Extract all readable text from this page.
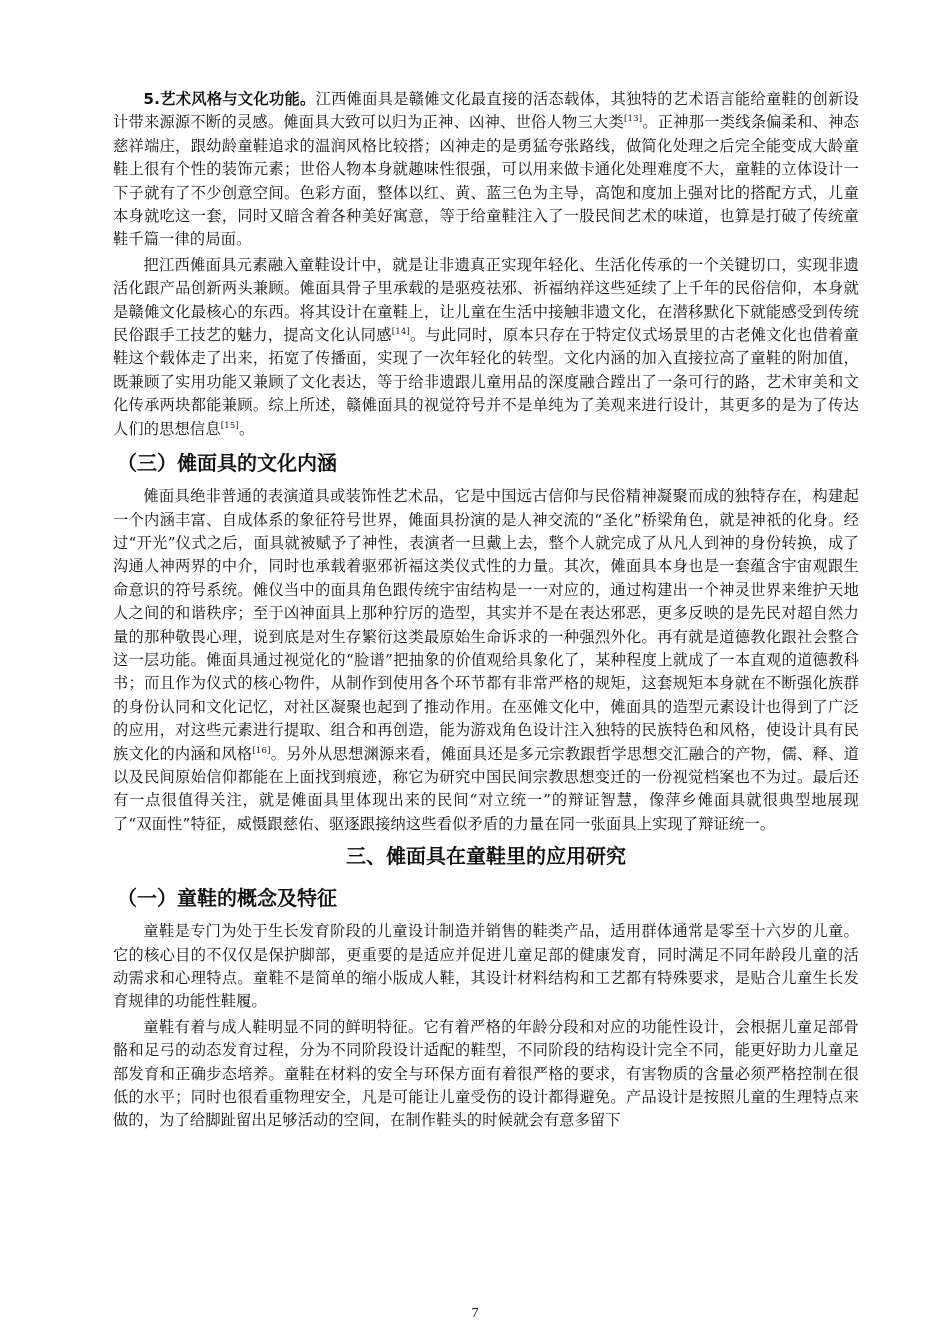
5.艺术风格与文化功能。江西傩面具是赣傩文化最直接的活态载体，其独特的艺术语言能给童鞋的创新设计带来源源不断的灵感。傩面具大致可以归为正神、凶神、世俗人物三大类[13]。正神那一类线条偏柔和、神态慈祥端庄，跟幼龄童鞋追求的温润风格比较搭；凶神走的是勇猛夸张路线，做简化处理之后完全能变成大龄童鞋上很有个性的装饰元素；世俗人物本身就趣味性很强，可以用来做卡通化处理难度不大，童鞋的立体设计一下子就有了不少创意空间。色彩方面，整体以红、黄、蓝三色为主导，高饱和度加上强对比的搭配方式，儿童本身就吃这一套，同时又暗含着各种美好寓意，等于给童鞋注入了一股民间艺术的味道，也算是打破了传统童鞋千篇一律的局面。

把江西傩面具元素融入童鞋设计中，就是让非遗真正实现年轻化、生活化传承的一个关键切口，实现非遗活化跟产品创新两头兼顾。傩面具骨子里承载的是驱疫祛邪、祈福纳祥这些延续了上千年的民俗信仰，本身就是赣傩文化最核心的东西。将其设计在童鞋上，让儿童在生活中接触非遗文化，在潜移默化下就能感受到传统民俗跟手工技艺的魅力，提高文化认同感[14]。与此同时，原本只存在于特定仪式场景里的古老傩文化也借着童鞋这个载体走了出来，拓宽了传播面，实现了一次年轻化的转型。文化内涵的加入直接拉高了童鞋的附加值，既兼顾了实用功能又兼顾了文化表达，等于给非遗跟儿童用品的深度融合蹚出了一条可行的路，艺术审美和文化传承两块都能兼顾。综上所述，赣傩面具的视觉符号并不是单纯为了美观来进行设计，其更多的是为了传达人们的思想信息[15]。

（三）傩面具的文化内涵

傩面具绝非普通的表演道具或装饰性艺术品，它是中国远古信仰与民俗精神凝聚而成的独特存在，构建起一个内涵丰富、自成体系的象征符号世界，傩面具扮演的是人神交流的“圣化”桥梁角色，就是神祇的化身。经过“开光”仪式之后，面具就被赋予了神性，表演者一旦戴上去，整个人就完成了从凡人到神的身份转换，成了沟通人神两界的中介，同时也承载着驱邪祈福这类仪式性的力量。其次，傩面具本身也是一套蕴含宇宙观跟生命意识的符号系统。傩仪当中的面具角色跟传统宇宙结构是一一对应的，通过构建出一个神灵世界来维护天地人之间的和谐秩序；至于凶神面具上那种狞厉的造型，其实并不是在表达邪恶，更多反映的是先民对超自然力量的那种敬畏心理，说到底是对生存繁衍这类最原始生命诉求的一种强烈外化。再有就是道德教化跟社会整合这一层功能。傩面具通过视觉化的“脸谱”把抽象的价值观给具象化了，某种程度上就成了一本直观的道德教科书；而且作为仪式的核心物件，从制作到使用各个环节都有非常严格的规矩，这套规矩本身就在不断强化族群的身份认同和文化记忆，对社区凝聚也起到了推动作用。在巫傩文化中，傩面具的造型元素设计也得到了广泛的应用，对这些元素进行提取、组合和再创造，能为游戏角色设计注入独特的民族特色和风格，使设计具有民族文化的内涵和风格[16]。另外从思想渊源来看，傩面具还是多元宗教跟哲学思想交汇融合的产物，儒、释、道以及民间原始信仰都能在上面找到痕迹，称它为研究中国民间宗教思想变迁的一份视觉档案也不为过。最后还有一点很值得关注，就是傩面具里体现出来的民间“对立统一”的辩证智慧，像萍乡傩面具就很典型地展现了“双面性”特征，威慑跟慈佑、驱逐跟接纳这些看似矛盾的力量在同一张面具上实现了辩证统一。

三、傩面具在童鞋里的应用研究
（一）童鞋的概念及特征

童鞋是专门为处于生长发育阶段的儿童设计制造并销售的鞋类产品，适用群体通常是零至十六岁的儿童。它的核心目的不仅仅是保护脚部，更重要的是适应并促进儿童足部的健康发育，同时满足不同年龄段儿童的活动需求和心理特点。童鞋不是简单的缩小版成人鞋，其设计材料结构和工艺都有特殊要求，是贴合儿童生长发育规律的功能性鞋履。

童鞋有着与成人鞋明显不同的鲜明特征。它有着严格的年龄分段和对应的功能性设计，会根据儿童足部骨骼和足弓的动态发育过程，分为不同阶段设计适配的鞋型，不同阶段的结构设计完全不同，能更好助力儿童足部发育和正确步态培养。童鞋在材料的安全与环保方面有着很严格的要求，有害物质的含量必须严格控制在很低的水平；同时也很看重物理安全，凡是可能让儿童受伤的设计都得避免。产品设计是按照儿童的生理特点来做的，为了给脚趾留出足够活动的空间，在制作鞋头的时候就会有意多留下

7
